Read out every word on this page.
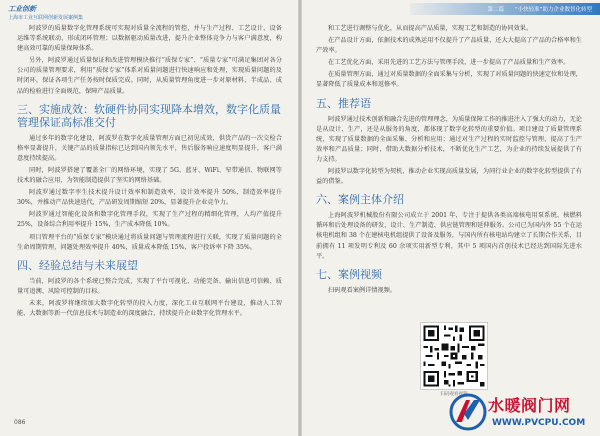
工业创新
上海市工业互联网创新发展案例集

阿波罗的质量数字化管理系统可实现对质量全流程的管控，并与生产过程、工艺设计、设备运维等系统联动，形成闭环管理；以数据驱动质量改进，提升企业整体竞争力与客户满意度，构建高效可靠的质量保障体系。

另外，阿波罗通过质量保证和改进管理模块推行“质保专家”、“质量专家”可满足集团对各分公司的质量管理要求，利用“质保专家”体系对质量问题进行快速响应和处理，实现质量问题的及时闭环，保证各项生产任务按时保质完成。同时，从质量管理角度进一步对原材料、半成品、成品的检验进行全面规范，保障产品质量。

三、实施成效：软硬件协同实现降本增效，数字化质量管理保证高标准交付

通过多年的数字化建设，阿波罗在数字化质量管理方面已初见成效，供货产品的一次交检合格率显著提升，关键产品的质量指标已达到国内领先水平，售后服务响应速度明显提升，客户满意度持续提高。

同时，阿波罗搭建了覆盖全厂的网络环境，实现了 5G、蓝牙、WiFi、窄带通信、物联网等技术的融合应用，为智能制造提供了坚实的网络基础。

阿波罗通过数字孪生技术提升设计效率和制造效率，设计效率提升 50%，制造效率提升 30%，并推动产品快速迭代，产品研发周期缩短 20%，显著提升企业竞争力。

阿波罗通过智能化设备和数字化管理手段，实现了生产过程的精细化管理，人均产值提升 25%，设备综合利用率提升 15%，生产成本降低 10%。

项目管理平台的“质保专家”模块通过将质量问题与管理流程进行关联，实现了质量问题的全生命周期管理，问题处理效率提升 40%，质量成本降低 15%，客户投诉率下降 35%。

四、经验总结与未来展望

当前，阿波罗的各个系统已整合完成，实现了平台可视化、功能完备、输出信息可信赖、质量可追溯、风险可控制的目标。

未来，阿波罗将继续加大数字化转型的投入力度，深化工业互联网平台建设，推动人工智能、大数据等新一代信息技术与制造业的深度融合，持续提升企业数字化管理水平。

086
第二篇 “小快轻准”助力企业数智化转型

和工艺进行调整与优化，从而提高产品质量，实现工艺和制造的协同效果。

在产品设计方面，依据技术的成熟运用不仅提升了产品质量，还大大提高了产品的合格率和生产效率。

在工艺优化方面，采用先进的工艺方法与管理手段，进一步提高了产品质量和生产效率。

在质量管理方面，通过对质量数据的全面采集与分析，实现了对质量问题的快速定位和处理，显著降低了质量成本和返修率。

五、推荐语

阿波罗通过技术创新和融合先进的管理理念，为质量保障工作的推进注入了强大的动力，无论是从设计、生产，还是从服务的角度，都体现了数字化转型的重要价值。项目建设了质量管理系统，实现了质量数据的全面采集、分析和应用；通过对生产过程的实时监控与管理，提高了生产效率和产品质量；同时，借助大数据分析技术，不断优化生产工艺，为企业的持续发展提供了有力支持。

阿波罗以数字化转型为契机，推动企业实现高质量发展，为同行业企业的数字化转型提供了有益的借鉴。

六、案例主体介绍

上海阿波罗机械股份有限公司成立于 2001 年，专注于提供各类高端核电用泵系统、核燃料循环和后处理设备的研发、设计、生产制造、供应链管理和延伸服务。公司已为国内外 55 个在运核电机组和 38 个在建核电机组提供了设备及服务，与国内所有核电站均建立了长期合作关系，目前拥有 11 项发明专利及 60 余项实用新型专利，其中 5 项国内首创技术已经达到国际先进水平。

七、案例视频

扫码观看案例详情视频。

扫码观看视频
水暖阀门网
WWW.PVCPU.COM
